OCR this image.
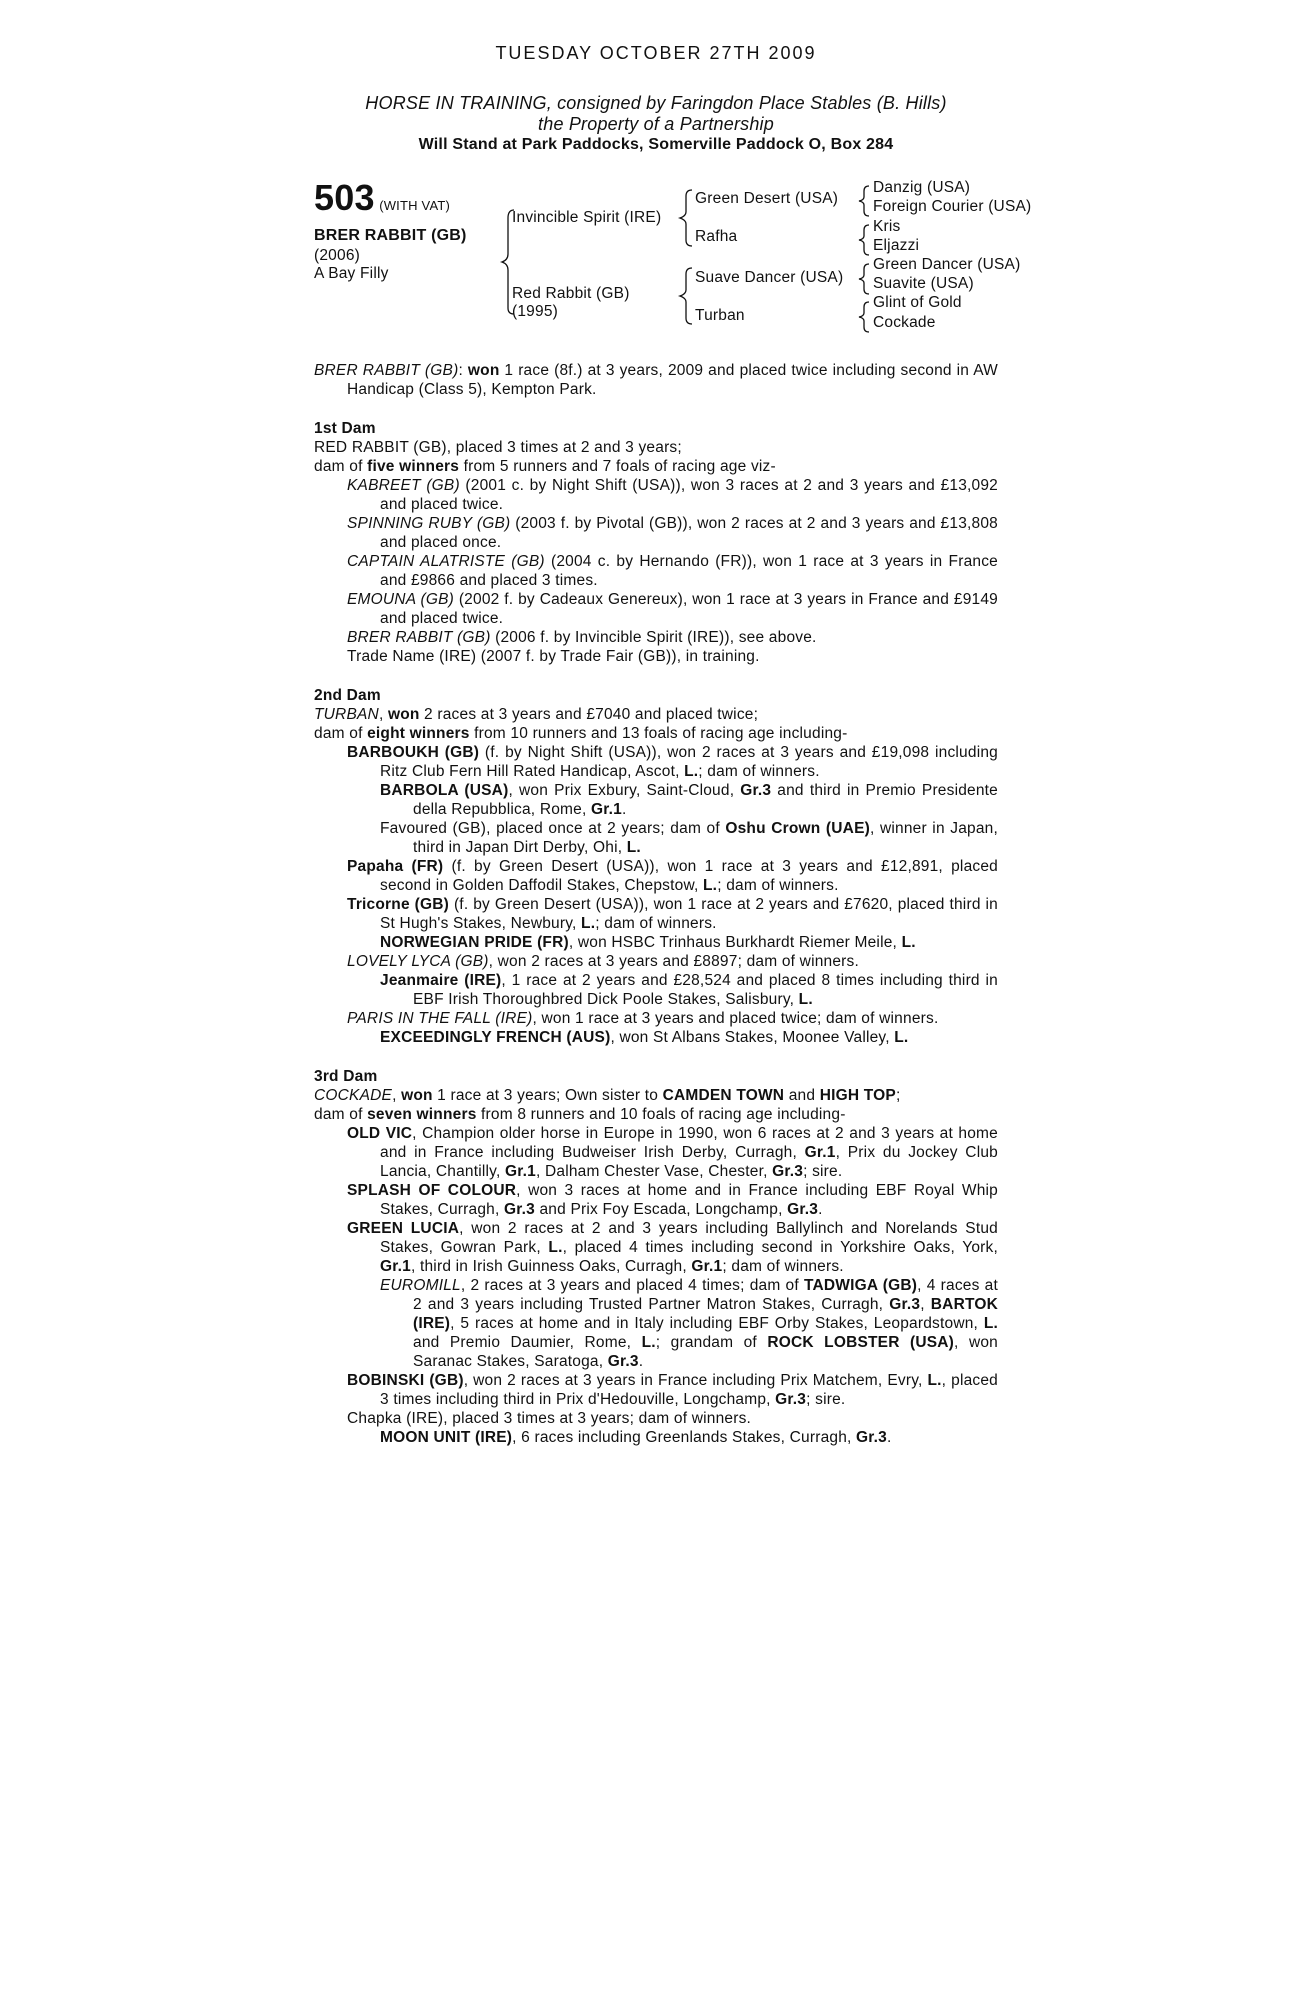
TUESDAY OCTOBER 27TH 2009
HORSE IN TRAINING, consigned by Faringdon Place Stables (B. Hills)
the Property of a Partnership
Will Stand at Park Paddocks, Somerville Paddock O, Box 284
503 (WITH VAT)
BRER RABBIT (GB)
(2006)
A Bay Filly
Invincible Spirit (IRE)
Red Rabbit (GB)
(1995)
Green Desert (USA)
Rafha
Suave Dancer (USA)
Turban
Danzig (USA)
Foreign Courier (USA)
Kris
Eljazzi
Green Dancer (USA)
Suavite (USA)
Glint of Gold
Cockade

BRER RABBIT (GB): won 1 race (8f.) at 3 years, 2009 and placed twice including second in AW Handicap (Class 5), Kempton Park.

1st Dam

RED RABBIT (GB), placed 3 times at 2 and 3 years;

dam of five winners from 5 runners and 7 foals of racing age viz-

KABREET (GB) (2001 c. by Night Shift (USA)), won 3 races at 2 and 3 years and £13,092 and placed twice.

SPINNING RUBY (GB) (2003 f. by Pivotal (GB)), won 2 races at 2 and 3 years and £13,808 and placed once.

CAPTAIN ALATRISTE (GB) (2004 c. by Hernando (FR)), won 1 race at 3 years in France and £9866 and placed 3 times.

EMOUNA (GB) (2002 f. by Cadeaux Genereux), won 1 race at 3 years in France and £9149 and placed twice.

BRER RABBIT (GB) (2006 f. by Invincible Spirit (IRE)), see above.

Trade Name (IRE) (2007 f. by Trade Fair (GB)), in training.

2nd Dam

TURBAN, won 2 races at 3 years and £7040 and placed twice;

dam of eight winners from 10 runners and 13 foals of racing age including-

BARBOUKH (GB) (f. by Night Shift (USA)), won 2 races at 3 years and £19,098 including Ritz Club Fern Hill Rated Handicap, Ascot, L.; dam of winners.

BARBOLA (USA), won Prix Exbury, Saint-Cloud, Gr.3 and third in Premio Presidente della Repubblica, Rome, Gr.1.

Favoured (GB), placed once at 2 years; dam of Oshu Crown (UAE), winner in Japan, third in Japan Dirt Derby, Ohi, L.

Papaha (FR) (f. by Green Desert (USA)), won 1 race at 3 years and £12,891, placed second in Golden Daffodil Stakes, Chepstow, L.; dam of winners.

Tricorne (GB) (f. by Green Desert (USA)), won 1 race at 2 years and £7620, placed third in St Hugh's Stakes, Newbury, L.; dam of winners.

NORWEGIAN PRIDE (FR), won HSBC Trinhaus Burkhardt Riemer Meile, L.

LOVELY LYCA (GB), won 2 races at 3 years and £8897; dam of winners.

Jeanmaire (IRE), 1 race at 2 years and £28,524 and placed 8 times including third in EBF Irish Thoroughbred Dick Poole Stakes, Salisbury, L.

PARIS IN THE FALL (IRE), won 1 race at 3 years and placed twice; dam of winners.

EXCEEDINGLY FRENCH (AUS), won St Albans Stakes, Moonee Valley, L.

3rd Dam

COCKADE, won 1 race at 3 years; Own sister to CAMDEN TOWN and HIGH TOP;

dam of seven winners from 8 runners and 10 foals of racing age including-

OLD VIC, Champion older horse in Europe in 1990, won 6 races at 2 and 3 years at home and in France including Budweiser Irish Derby, Curragh, Gr.1, Prix du Jockey Club Lancia, Chantilly, Gr.1, Dalham Chester Vase, Chester, Gr.3; sire.

SPLASH OF COLOUR, won 3 races at home and in France including EBF Royal Whip Stakes, Curragh, Gr.3 and Prix Foy Escada, Longchamp, Gr.3.

GREEN LUCIA, won 2 races at 2 and 3 years including Ballylinch and Norelands Stud Stakes, Gowran Park, L., placed 4 times including second in Yorkshire Oaks, York, Gr.1, third in Irish Guinness Oaks, Curragh, Gr.1; dam of winners.

EUROMILL, 2 races at 3 years and placed 4 times; dam of TADWIGA (GB), 4 races at 2 and 3 years including Trusted Partner Matron Stakes, Curragh, Gr.3, BARTOK (IRE), 5 races at home and in Italy including EBF Orby Stakes, Leopardstown, L. and Premio Daumier, Rome, L.; grandam of ROCK LOBSTER (USA), won Saranac Stakes, Saratoga, Gr.3.

BOBINSKI (GB), won 2 races at 3 years in France including Prix Matchem, Evry, L., placed 3 times including third in Prix d'Hedouville, Longchamp, Gr.3; sire.

Chapka (IRE), placed 3 times at 3 years; dam of winners.

MOON UNIT (IRE), 6 races including Greenlands Stakes, Curragh, Gr.3.
